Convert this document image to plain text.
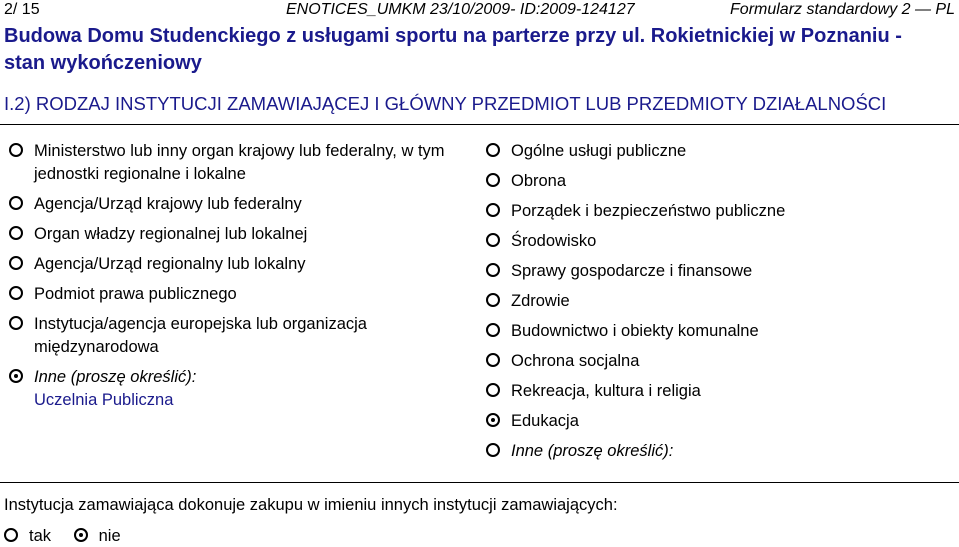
2/ 15	ENOTICES_UMKM 23/10/2009- ID:2009-124127	Formularz standardowy 2 — PL
Budowa Domu Studenckiego z usługami sportu na parterze przy ul. Rokietnickiej w Poznaniu - stan wykończeniowy
I.2) RODZAJ INSTYTUCJI ZAMAWIAJĄCEJ I GŁÓWNY PRZEDMIOT LUB PRZEDMIOTY DZIAŁALNOŚCI
Ministerstwo lub inny organ krajowy lub federalny, w tym jednostki regionalne i lokalne
Agencja/Urząd krajowy lub federalny
Organ władzy regionalnej lub lokalnej
Agencja/Urząd regionalny lub lokalny
Podmiot prawa publicznego
Instytucja/agencja europejska lub organizacja międzynarodowa
Inne (proszę określić):
Uczelnia Publiczna
Ogólne usługi publiczne
Obrona
Porządek i bezpieczeństwo publiczne
Środowisko
Sprawy gospodarcze i finansowe
Zdrowie
Budownictwo i obiekty komunalne
Ochrona socjalna
Rekreacja, kultura i religia
Edukacja
Inne (proszę określić):
Instytucja zamawiająca dokonuje zakupu w imieniu innych instytucji zamawiających:
tak
	nie
